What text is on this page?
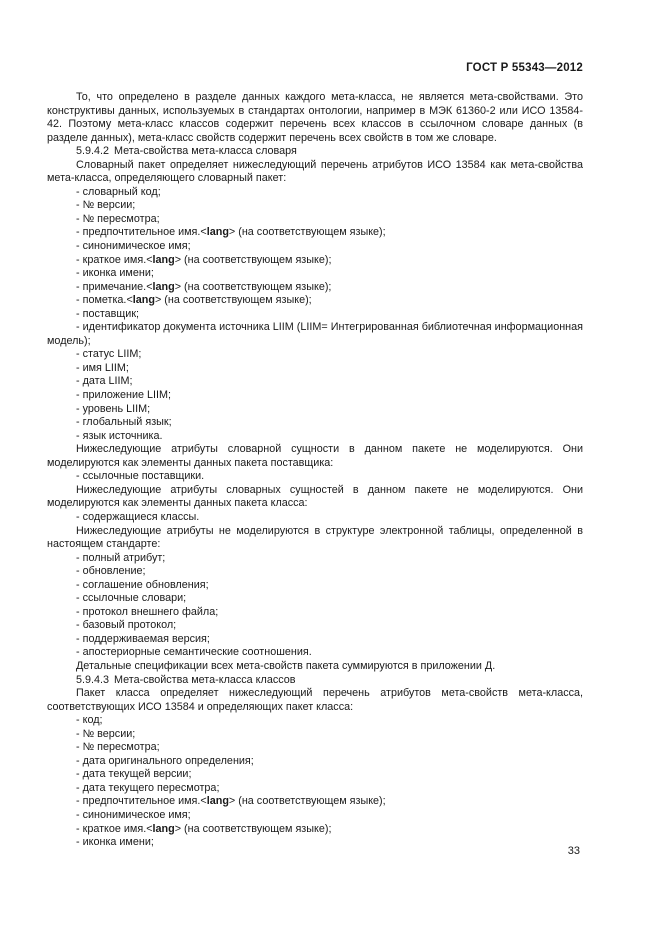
ГОСТ Р 55343—2012

То, что определено в разделе данных каждого мета-класса, не является мета-свойствами. Это конструктивы данных, используемых в стандартах онтологии, например в МЭК 61360-2 или ИСО 13584-42. Поэтому мета-класс классов содержит перечень всех классов в ссылочном словаре данных (в разделе данных), мета-класс свойств содержит перечень всех свойств в том же словаре.

5.9.4.2 Мета-свойства мета-класса словаря

Словарный пакет определяет нижеследующий перечень атрибутов ИСО 13584 как мета-свойства мета-класса, определяющего словарный пакет:

- словарный код;

- № версии;

- № пересмотра;

- предпочтительное имя.<lang> (на соответствующем языке);

- синонимическое имя;

- краткое имя.<lang> (на соответствующем языке);

- иконка имени;

- примечание.<lang> (на соответствующем языке);

- пометка.<lang> (на соответствующем языке);

- поставщик;

- идентификатор документа источника LIIM (LIIM= Интегрированная библиотечная информационная модель);

- статус LIIM;

- имя LIIM;

- дата LIIM;

- приложение LIIM;

- уровень LIIM;

- глобальный язык;

- язык источника.

Нижеследующие атрибуты словарной сущности в данном пакете не моделируются. Они моделируются как элементы данных пакета поставщика:

- ссылочные поставщики.

Нижеследующие атрибуты словарных сущностей в данном пакете не моделируются. Они моделируются как элементы данных пакета класса:

- содержащиеся классы.

Нижеследующие атрибуты не моделируются в структуре электронной таблицы, определенной в настоящем стандарте:

- полный атрибут;

- обновление;

- соглашение обновления;

- ссылочные словари;

- протокол внешнего файла;

- базовый протокол;

- поддерживаемая версия;

- апостериорные семантические соотношения.

Детальные спецификации всех мета-свойств пакета суммируются в приложении Д.

5.9.4.3 Мета-свойства мета-класса классов

Пакет класса определяет нижеследующий перечень атрибутов мета-свойств мета-класса, соответствующих ИСО 13584 и определяющих пакет класса:

- код;

- № версии;

- № пересмотра;

- дата оригинального определения;

- дата текущей версии;

- дата текущего пересмотра;

- предпочтительное имя.<lang> (на соответствующем языке);

- синонимическое имя;

- краткое имя.<lang> (на соответствующем языке);

- иконка имени;

33
